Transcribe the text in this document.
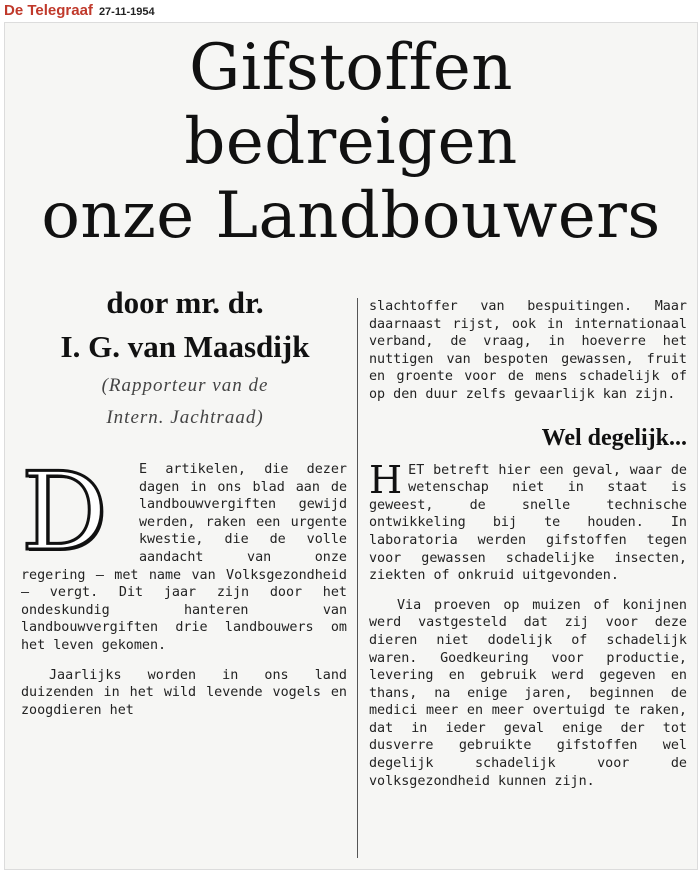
De Telegraaf 27-11-1954
Gifstoffen bedreigen
onze Landbouwers
door mr. dr.
I. G. van Maasdijk
(Rapporteur van de
Intern. Jachtraad)
D	E artikelen, die dezer dagen in ons blad aan de landbouwvergiften gewijd werden, raken een urgente kwestie, die de volle aandacht van onze regering — met name van Volksgezondheid — vergt. Dit jaar zijn door het ondeskundig hanteren van landbouwvergiften drie landbouwers om het leven gekomen.

Jaarlijks worden in ons land duizenden in het wild levende vogels en zoogdieren het

slachtoffer van bespuitingen. Maar daarnaast rijst, ook in internationaal verband, de vraag, in hoeverre het nuttigen van bespoten gewassen, fruit en groente voor de mens schadelijk of op den duur zelfs gevaarlijk kan zijn.

Wel degelijk...
H ET betreft hier een geval, waar de wetenschap niet in staat is geweest, de snelle technische ontwikkeling bij te houden. In laboratoria werden gifstoffen tegen voor gewassen schadelijke insecten, ziekten of onkruid uitgevonden.

Via proeven op muizen of konijnen werd vastgesteld dat zij voor deze dieren niet dodelijk of schadelijk waren. Goedkeuring voor productie, levering en gebruik werd gegeven en thans, na enige jaren, beginnen de medici meer en meer overtuigd te raken, dat in ieder geval enige der tot dusverre gebruikte gifstoffen wel degelijk schadelijk voor de volksgezondheid kunnen zijn.
